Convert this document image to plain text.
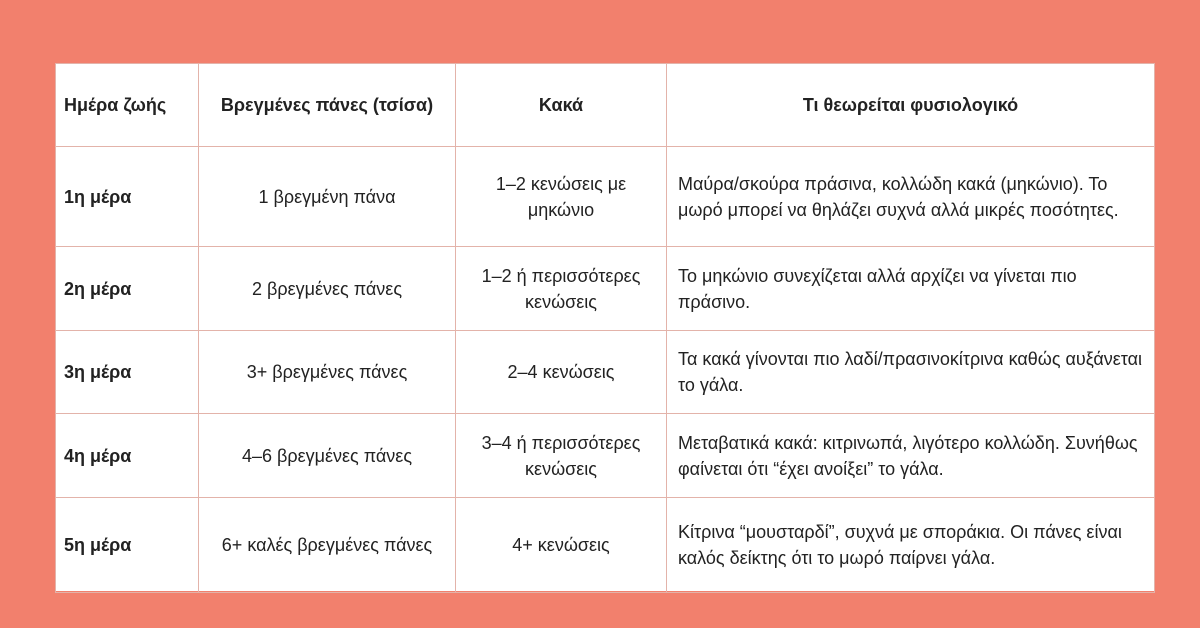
Ημέρα ζωής	Βρεγμένες πάνες (τσίσα)	Κακά	Τι θεωρείται φυσιολογικό
1η μέρα	1 βρεγμένη πάνα	1–2 κενώσεις με μηκώνιο	Μαύρα/σκούρα πράσινα, κολλώδη κακά (μηκώνιο). Το μωρό μπορεί να θηλάζει συχνά αλλά μικρές ποσότητες.
2η μέρα	2 βρεγμένες πάνες	1–2 ή περισσότερες κενώσεις	Το μηκώνιο συνεχίζεται αλλά αρχίζει να γίνεται πιο πράσινο.
3η μέρα	3+ βρεγμένες πάνες	2–4 κενώσεις	Τα κακά γίνονται πιο λαδί/πρασινοκίτρινα καθώς αυξάνεται το γάλα.
4η μέρα	4–6 βρεγμένες πάνες	3–4 ή περισσότερες κενώσεις	Μεταβατικά κακά: κιτρινωπά, λιγότερο κολλώδη. Συνήθως φαίνεται ότι “έχει ανοίξει” το γάλα.
5η μέρα	6+ καλές βρεγμένες πάνες	4+ κενώσεις	Κίτρινα “μουσταρδί”, συχνά με σποράκια. Οι πάνες είναι καλός δείκτης ότι το μωρό παίρνει γάλα.
